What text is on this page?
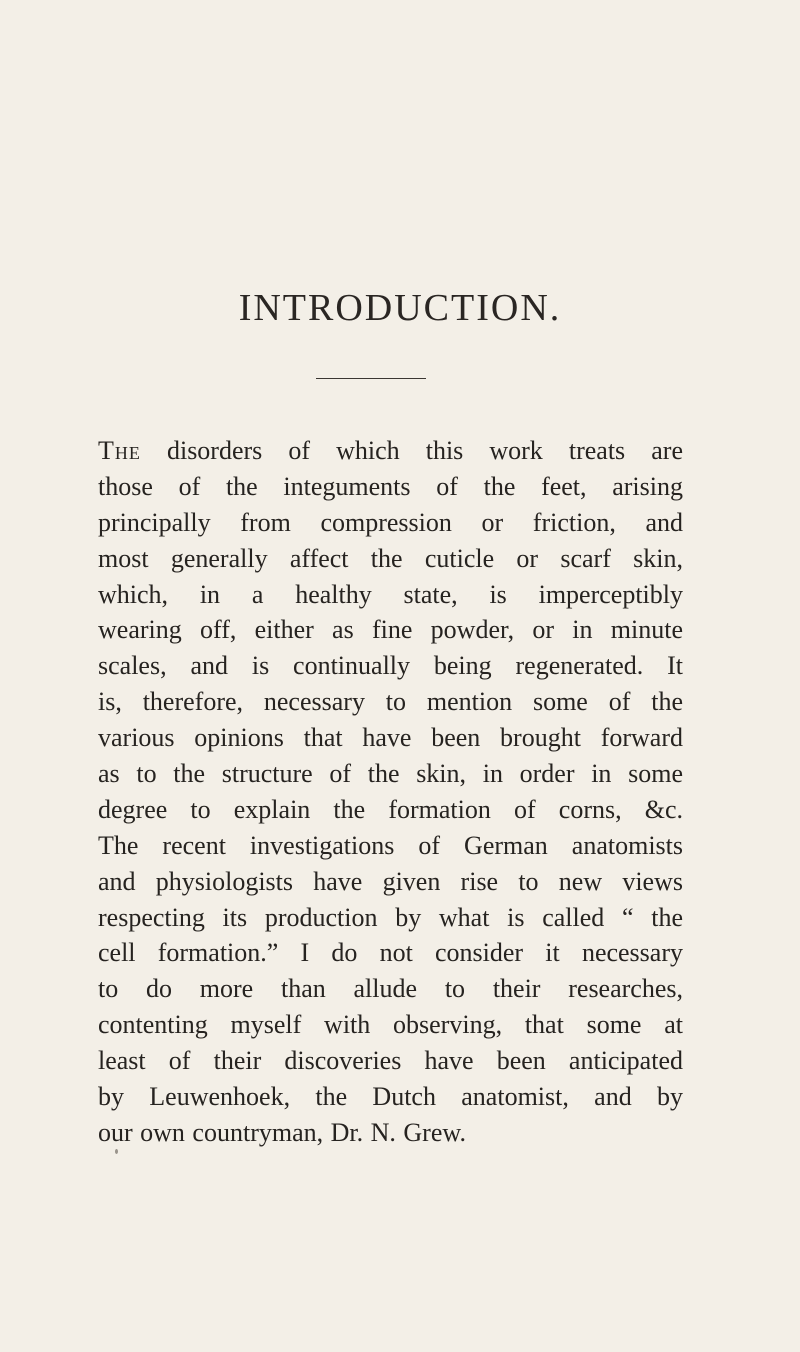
INTRODUCTION.
The disorders of which this work treats are
those of the integuments of the feet, arising
principally from compression or friction, and
most generally affect the cuticle or scarf skin,
which, in a healthy state, is imperceptibly
wearing off, either as fine powder, or in minute
scales, and is continually being regenerated. It
is, therefore, necessary to mention some of the
various opinions that have been brought forward
as to the structure of the skin, in order in some
degree to explain the formation of corns, &c.
The recent investigations of German anatomists
and physiologists have given rise to new views
respecting its production by what is called “ the
cell formation.” I do not consider it necessary
to do more than allude to their researches,
contenting myself with observing, that some at
least of their discoveries have been anticipated
by Leuwenhoek, the Dutch anatomist, and by
our own countryman, Dr. N. Grew.
